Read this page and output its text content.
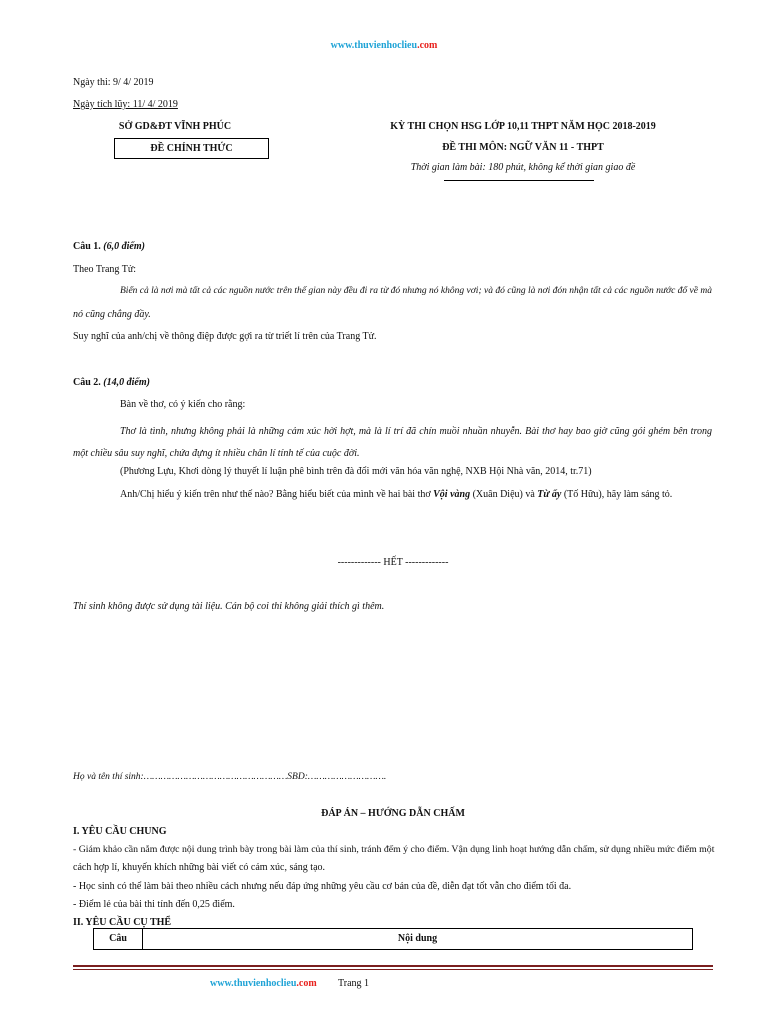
www.thuvienhoclieu.com
Ngày thi: 9/ 4/ 2019
Ngày tích lũy: 11/ 4/ 2019
SỞ GD&ĐT VĨNH PHÚC
ĐỀ CHÍNH THỨC
KỲ THI CHỌN HSG LỚP 10,11 THPT NĂM HỌC 2018-2019
ĐỀ THI MÔN: NGỮ VĂN 11 - THPT
Thời gian làm bài: 180 phút, không kể thời gian giao đề
Câu 1. (6,0 điểm)
Theo Trang Tử:
Biển cả là nơi mà tất cả các nguồn nước trên thế gian này đều đi ra từ đó nhưng nó không vơi; và đó cũng là nơi đón nhận tất cả các nguồn nước đổ về mà
nó cũng chẳng đầy.
Suy nghĩ của anh/chị về thông điệp được gợi ra từ triết lí trên của Trang Tử.
Câu 2. (14,0 điểm)
Bàn về thơ, có ý kiến cho rằng:
Thơ là tình, nhưng không phải là những cảm xúc hời hợt, mà là lí trí đã chín muồi nhuần nhuyễn. Bài thơ hay bao giờ cũng gói ghém bên trong một chiều sâu suy nghĩ, chứa đựng ít nhiều chân lí tính tế của cuộc đời.
(Phương Lựu, Khơi dòng lý thuyết lí luận phê bình trên đà đổi mới văn hóa văn nghệ, NXB Hội Nhà văn, 2014, tr.71)
Anh/Chị hiểu ý kiến trên như thế nào? Bằng hiểu biết của mình về hai bài thơ Vội vàng (Xuân Diệu) và Từ ấy (Tố Hữu), hãy làm sáng tỏ.
------------- HẾT -------------
Thí sinh không được sử dụng tài liệu. Cán bộ coi thi không giải thích gì thêm.
Họ và tên thí sinh:……………………………………………SBD:……………………….
ĐÁP ÁN – HƯỚNG DẪN CHẤM
I. YÊU CẦU CHUNG
- Giám khảo cần nắm được nội dung trình bày trong bài làm của thí sinh, tránh đếm ý cho điểm. Vận dụng linh hoạt hướng dẫn chấm, sử dụng nhiều mức điểm một
cách hợp lí, khuyến khích những bài viết có cảm xúc, sáng tạo.
- Học sinh có thể làm bài theo nhiều cách nhưng nếu đáp ứng những yêu cầu cơ bản của đề, diễn đạt tốt vẫn cho điểm tối đa.
- Điểm lẻ của bài thi tính đến 0,25 điểm.
II. YÊU CẦU CỤ THỂ
Câu	Nội dung
www.thuvienhoclieu.com Trang 1
